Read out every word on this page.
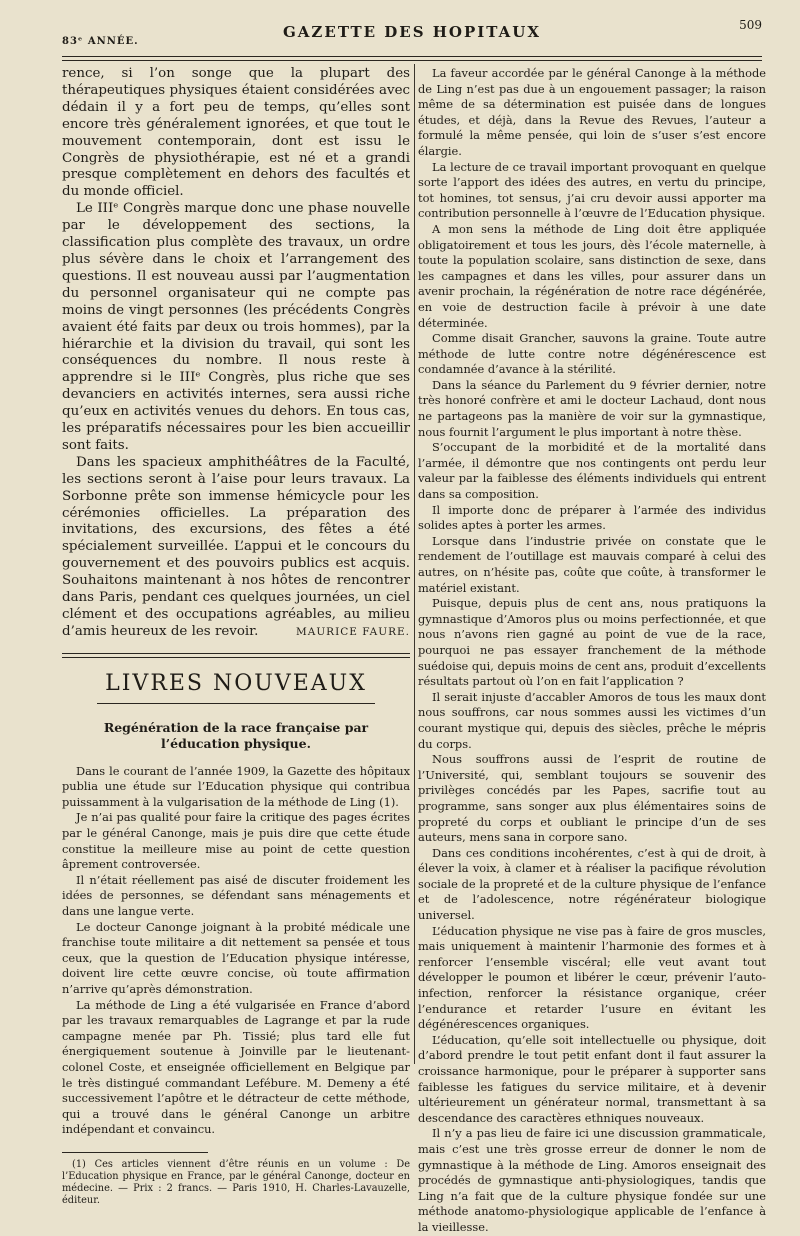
83ᵉ ANNÉE.
GAZETTE DES HOPITAUX	509

rence, si l’on songe que la plupart des thérapeutiques physiques étaient considérées avec dédain il y a fort peu de temps, qu’elles sont encore très généralement ignorées, et que tout le mouvement contemporain, dont est issu le Congrès de physiothérapie, est né et a grandi presque complètement en dehors des facultés et du monde officiel.

Le IIIᵉ Congrès marque donc une phase nouvelle par le développement des sections, la classification plus complète des travaux, un ordre plus sévère dans le choix et l’arrangement des questions. Il est nouveau aussi par l’augmentation du personnel organisateur qui ne compte pas moins de vingt personnes (les précédents Congrès avaient été faits par deux ou trois hommes), par la hiérarchie et la division du travail, qui sont les conséquences du nombre. Il nous reste à apprendre si le IIIᵉ Congrès, plus riche que ses devanciers en activités internes, sera aussi riche qu’eux en activités venues du dehors. En tous cas, les préparatifs nécessaires pour les bien accueillir sont faits.

Dans les spacieux amphithéâtres de la Faculté, les sections seront à l’aise pour leurs travaux. La Sorbonne prête son immense hémicycle pour les cérémonies officielles. La préparation des invitations, des excursions, des fêtes a été spécialement surveillée. L’appui et le concours du gouvernement et des pouvoirs publics est acquis. Souhaitons maintenant à nos hôtes de rencontrer dans Paris, pendant ces quelques journées, un ciel clément et des occupations agréables, au milieu d’amis heureux de les revoir.	MAURICE FAURE.
LIVRES NOUVEAUX
Regénération de la race française par l’éducation physique.

Dans le courant de l’année 1909, la Gazette des hôpitaux publia une étude sur l’Education physique qui contribua puissamment à la vulgarisation de la méthode de Ling (1).

Je n’ai pas qualité pour faire la critique des pages écrites par le général Canonge, mais je puis dire que cette étude constitue la meilleure mise au point de cette question âprement controversée.

Il n’était réellement pas aisé de discuter froidement les idées de personnes, se défendant sans ménagements et dans une langue verte.

Le docteur Canonge joignant à la probité médicale une franchise toute militaire a dit nettement sa pensée et tous ceux, que la question de l’Education physique intéresse, doivent lire cette œuvre concise, où toute affirmation n’arrive qu’après démonstration.

La méthode de Ling a été vulgarisée en France d’abord par les travaux remarquables de Lagrange et par la rude campagne menée par Ph. Tissié; plus tard elle fut énergiquement soutenue à Joinville par le lieutenant-colonel Coste, et enseignée officiellement en Belgique par le très distingué commandant Lefébure. M. Demeny a été successivement l’apôtre et le détracteur de cette méthode, qui a trouvé dans le général Canonge un arbitre indépendant et convaincu.

(1) Ces articles viennent d’être réunis en un volume : De l’Education physique en France, par le général Canonge, docteur en médecine. — Prix : 2 francs. — Paris 1910, H. Charles-Lavauzelle, éditeur.

La faveur accordée par le général Canonge à la méthode de Ling n’est pas due à un engouement passager; la raison même de sa détermination est puisée dans de longues études, et déjà, dans la Revue des Revues, l’auteur a formulé la même pensée, qui loin de s’user s’est encore élargie.

La lecture de ce travail important provoquant en quelque sorte l’apport des idées des autres, en vertu du principe, tot homines, tot sensus, j’ai cru devoir aussi apporter ma contribution personnelle à l’œuvre de l’Education physique.

A mon sens la méthode de Ling doit être appliquée obligatoirement et tous les jours, dès l’école maternelle, à toute la population scolaire, sans distinction de sexe, dans les campagnes et dans les villes, pour assurer dans un avenir prochain, la régénération de notre race dégénérée, en voie de destruction facile à prévoir à une date déterminée.

Comme disait Grancher, sauvons la graine. Toute autre méthode de lutte contre notre dégénérescence est condamnée d’avance à la stérilité.

Dans la séance du Parlement du 9 février dernier, notre très honoré confrère et ami le docteur Lachaud, dont nous ne partageons pas la manière de voir sur la gymnastique, nous fournit l’argument le plus important à notre thèse.

S’occupant de la morbidité et de la mortalité dans l’armée, il démontre que nos contingents ont perdu leur valeur par la faiblesse des éléments individuels qui entrent dans sa composition.

Il importe donc de préparer à l’armée des individus solides aptes à porter les armes.

Lorsque dans l’industrie privée on constate que le rendement de l’outillage est mauvais comparé à celui des autres, on n’hésite pas, coûte que coûte, à transformer le matériel existant.

Puisque, depuis plus de cent ans, nous pratiquons la gymnastique d’Amoros plus ou moins perfectionnée, et que nous n’avons rien gagné au point de vue de la race, pourquoi ne pas essayer franchement de la méthode suédoise qui, depuis moins de cent ans, produit d’excellents résultats partout où l’on en fait l’application ?

Il serait injuste d’accabler Amoros de tous les maux dont nous souffrons, car nous sommes aussi les victimes d’un courant mystique qui, depuis des siècles, prêche le mépris du corps.

Nous souffrons aussi de l’esprit de routine de l’Université, qui, semblant toujours se souvenir des privilèges concédés par les Papes, sacrifie tout au programme, sans songer aux plus élémentaires soins de propreté du corps et oubliant le principe d’un de ses auteurs, mens sana in corpore sano.

Dans ces conditions incohérentes, c’est à qui de droit, à élever la voix, à clamer et à réaliser la pacifique révolution sociale de la propreté et de la culture physique de l’enfance et de l’adolescence, notre régénérateur biologique universel.

L’éducation physique ne vise pas à faire de gros muscles, mais uniquement à maintenir l’harmonie des formes et à renforcer l’ensemble viscéral; elle veut avant tout développer le poumon et libérer le cœur, prévenir l’auto-infection, renforcer la résistance organique, créer l’endurance et retarder l’usure en évitant les dégénérescences organiques.

L’éducation, qu’elle soit intellectuelle ou physique, doit d’abord prendre le tout petit enfant dont il faut assurer la croissance harmonique, pour le préparer à supporter sans faiblesse les fatigues du service militaire, et à devenir ultérieurement un générateur normal, transmettant à sa descendance des caractères ethniques nouveaux.

Il n’y a pas lieu de faire ici une discussion grammaticale, mais c’est une très grosse erreur de donner le nom de gymnastique à la méthode de Ling. Amoros enseignait des procédés de gymnastique anti-physiologiques, tandis que Ling n’a fait que de la culture physique fondée sur une méthode anatomo-physiologique applicable de l’enfance à la vieillesse.
